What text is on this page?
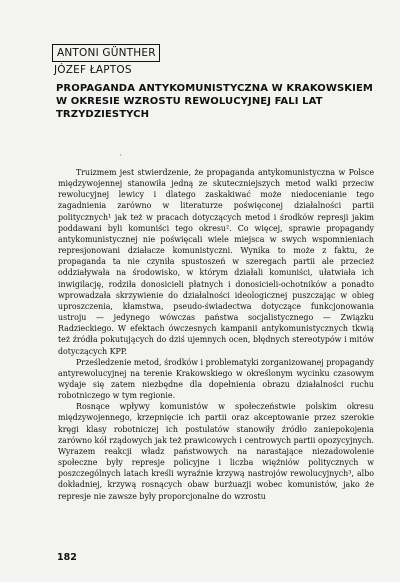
ANTONI GÜNTHER
JÓZEF ŁAPTOS
PROPAGANDA ANTYKOMUNISTYCZNA W KRAKOWSKIEM W OKRESIE WZROSTU REWOLUCYJNEJ FALI LAT TRZYDZIESTYCH
'

Truizmem jest stwierdzenie, że propaganda antykomunistyczna w Polsce międzywojennej stanowiła jedną ze skuteczniejszych metod walki przeciw rewolucyjnej lewicy i dlatego zaskakiwać może niedocenianie tego zagadnienia zarówno w literaturze poświęconej działalności partii politycznych¹ jak też w pracach dotyczących metod i środków represji jakim poddawani byli komuniści tego okresu². Co więcej, sprawie propagandy antykomunistycznej nie poświęcali wiele miejsca w swych wspomnieniach represjonowani działacze komunistyczni. Wynika to może z faktu, że propaganda ta nie czyniła spustoszeń w szeregach partii ale przecież oddziaływała na środowisko, w którym działali komuniści, ułatwiała ich inwigilację, rodziła donosicieli płatnych i donosicieli-ochotników a ponadto wprowadzała skrzywienie do działalności ideologicznej puszczając w obieg uproszczenia, kłamstwa, pseudo-świadectwa dotyczące funkcjonowania ustroju — jedynego wówczas państwa socjalistycznego — Związku Radzieckiego. W efektach ówczesnych kampanii antykomunistycznych tkwią też źródła pokutujących do dziś ujemnych ocen, błędnych stereotypów i mitów dotyczących KPP.

Prześledzenie metod, środków i problematyki zorganizowanej propagandy antyrewolucyjnej na terenie Krakowskiego w określonym wycinku czasowym wydaje się zatem niezbędne dla dopełnienia obrazu działalności ruchu robotniczego w tym regionie.

Rosnące wpływy komunistów w społeczeństwie polskim okresu międzywojennego, krzepnięcie ich partii oraz akceptowanie przez szerokie kręgi klasy robotniczej ich postulatów stanowiły źródło zaniepokojenia zarówno kół rządowych jak też prawicowych i centrowych partii opozycyjnych. Wyrazem reakcji władz państwowych na narastające niezadowolenie społeczne były represje policyjne i liczba więźniów politycznych w poszczególnych latach kreśli wyraźnie krzywą nastrojów rewolucyjnych³, albo dokładniej, krzywą rosnących obaw burżuazji wobec komunistów, jako że represje nie zawsze były proporcjonalne do wzrostu

182
